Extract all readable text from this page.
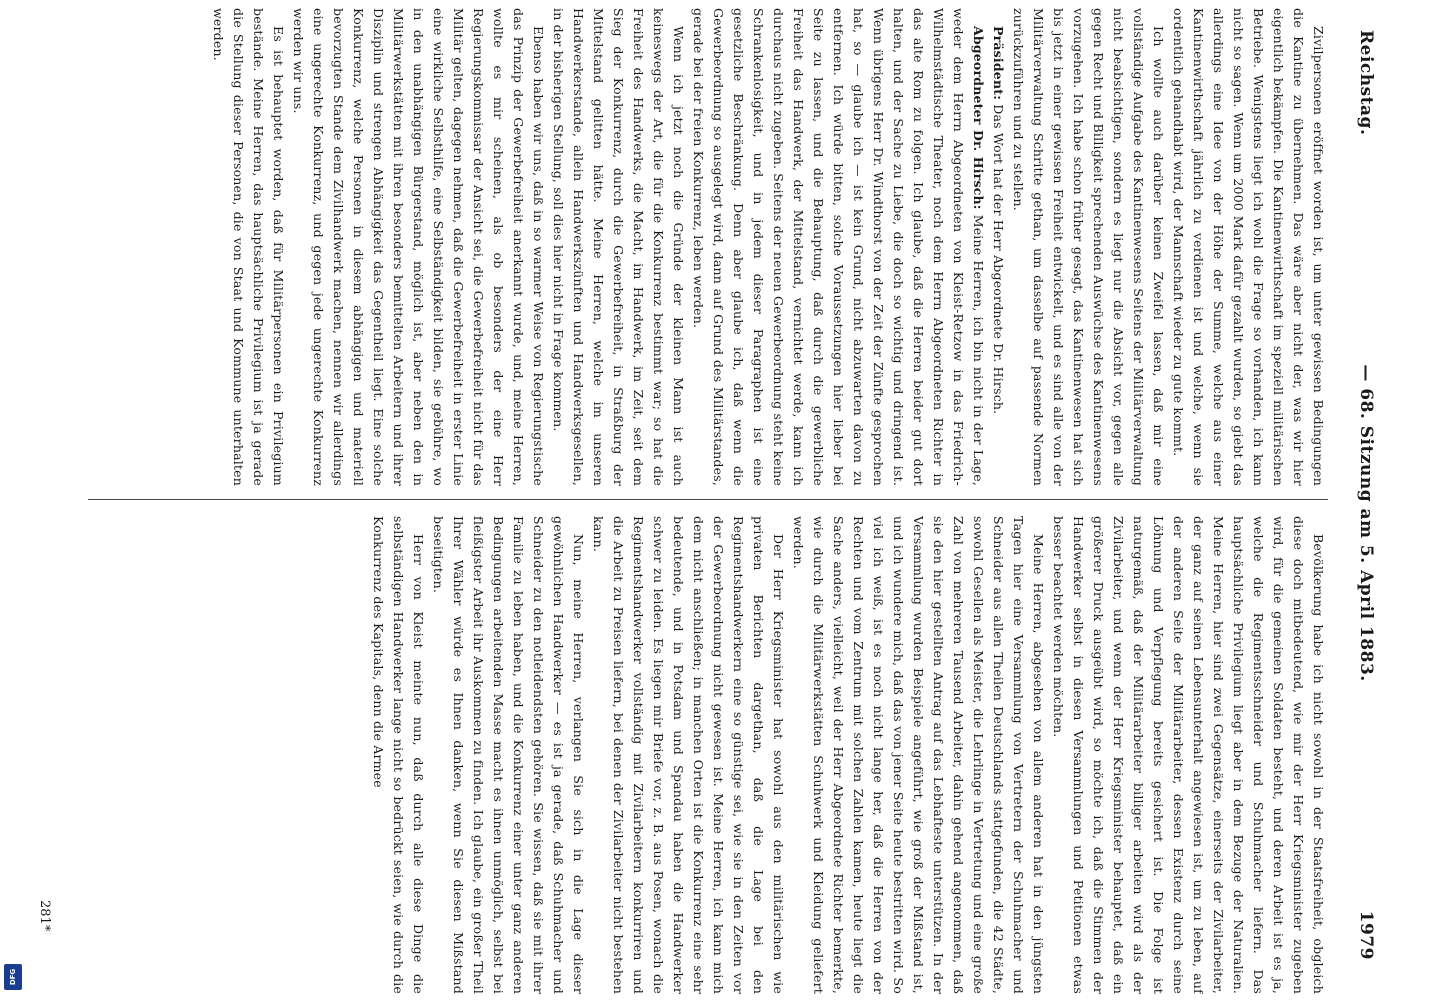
Reichstag.
— 68. Sitzung am 5. April 1883.
1979

Zivilpersonen eröffnet worden ist, um unter gewissen Bedingungen die Kantine zu übernehmen. Das wäre aber nicht der, was wir hier eigentlich bekämpfen. Die Kantinenwirthschaft im speziell militärischen Betriebe. Wenigstens liegt ich wohl die Frage so vorhanden, ich kann nicht so sagen. Wenn um 2000 Mark dafür gezahlt wurden, so giebt das allerdings eine Idee von der Höhe der Summe, welche aus einer Kantinenwirthschaft jährlich zu verdienen ist und welche, wenn sie ordentlich gehandhabt wird, der Mannschaft wieder zu gute kommt.

Ich wollte auch darüber keinen Zweifel lassen, daß mir eine vollständige Aufgabe des Kantinenwesens Seitens der Militärverwaltung nicht beabsichtigen, sondern es liegt nur die Absicht vor, gegen alle gegen Recht und Billigkeit sprechenden Auswüchse des Kantinenwesens vorzugehen. Ich habe schon früher gesagt, das Kantinenwesen hat sich bis jetzt in einer gewissen Freiheit entwickelt, und es sind alle von der Militärverwaltung Schritte gethan, um dasselbe auf passende Normen zurückzuführen und zu stellen.

Präsident: Das Wort hat der Herr Abgeordnete Dr. Hirsch.

Abgeordneter Dr. Hirsch: Meine Herren, ich bin nicht in der Lage, weder dem Herrn Abgeordneten von Kleist-Retzow in das Friedrich-Wilhelmstädtische Theater, noch dem Herrn Abgeordneten Richter in das alte Rom zu folgen. Ich glaube, daß die Herren beider gut dort halten, und der Sache zu Liebe, die doch so wichtig und dringend ist. Wenn übrigens Herr Dr. Windthorst von der Zeit der Zünfte gesprochen hat, so — glaube ich — ist kein Grund, nicht abzuwarten davon zu entfernen. Ich würde bitten, solche Voraussetzungen hier lieber bei Seite zu lassen, und die Behauptung, daß durch die gewerbliche Freiheit das Handwerk, der Mittelstand, vernichtet werde, kann ich durchaus nicht zugeben. Seitens der neuen Gewerbeordnung steht keine Schrankenlosigkeit, und in jedem dieser Paragraphen ist eine gesetzliche Beschränkung. Denn aber glaube ich, daß wenn die Gewerbeordnung so ausgelegt wird, dann auf Grund des Militärstandes, gerade bei der freien Konkurrenz, leben werden.

Wenn ich jetzt noch die Gründe der kleinen Mann ist auch keineswegs der Art, die für die Konkurrenz bestimmt war; so hat die Freiheit des Handwerks, die Macht, im Handwerk, im Zeit, seit dem Sieg der Konkurrenz, durch die Gewerbefreiheit, in Straßburg der Mittelstand gelitten hätte. Meine Herren, welche im unseren Handwerkerstande, allein Handwerkszünften und Handwerksgesellen, in der bisherigen Stellung, soll dies hier nicht in Frage kommen.

Ebenso haben wir uns, daß in so warmer Weise von Regierungstische das Prinzip der Gewerbefreiheit anerkannt wurde, und, meine Herren, wollte es mir scheinen, als ob besonders der eine Herr Regierungskommissar der Ansicht sei, die Gewerbefreiheit nicht für das Militär gelten, dagegen nehmen, daß die Gewerbefreiheit in erster Linie eine wirkliche Selbsthilfe, eine Selbständigkeit bilden, sie gebühre, wo in den unabhängigen Bürgerstand, möglich ist, aber neben den in Militärwerkstätten mit ihren besonders bemittelten Arbeitern und ihrer Disziplin und strengen Abhängigkeit das Gegentheil liegt. Eine solche Konkurrenz, welche Personen in diesem abhängigen und materiell bevorzugten Stande dem Zivilhandwerk machen, nennen wir allerdings eine ungerechte Konkurrenz, und gegen jede ungerechte Konkurrenz werden wir uns.

Es ist behauptet worden, daß für Militärpersonen ein Privilegium bestände. Meine Herren, das hauptsächliche Privilegium ist ja gerade die Stellung dieser Personen, die von Staat und Kommune unterhalten werden.

Bevölkerung habe ich nicht sowohl in der Staatsfreiheit, obgleich diese doch mitbedeutend, wie mir der Herr Kriegsminister zugeben wird, für die gemeinen Soldaten besteht, und deren Arbeit ist es ja, welche die Regimentsschneider und Schuhmacher liefern. Das hauptsächliche Privilegium liegt aber in dem Bezuge der Naturalien. Meine Herren, hier sind zwei Gegensätze, einerseits der Zivilarbeiter, der ganz auf seinen Lebensunterhalt angewiesen ist, um zu leben, auf der anderen Seite der Militärarbeiter, dessen Existenz durch seine Löhnung und Verpflegung bereits gesichert ist. Die Folge ist naturgemäß, daß der Militärarbeiter billiger arbeiten wird als der Zivilarbeiter, und wenn der Herr Kriegsminister behauptet, daß ein größerer Druck ausgeübt wird, so möchte ich, daß die Stimmen der Handwerker selbst in diesen Versammlungen und Petitionen etwas besser beachtet werden möchten.

Meine Herren, abgesehen von allem anderen hat in den jüngsten Tagen hier eine Versammlung von Vertretern der Schuhmacher und Schneider aus allen Theilen Deutschlands stattgefunden, die 42 Städte, sowohl Gesellen als Meister, die Lehrlinge in Vertretung und eine große Zahl von mehreren Tausend Arbeiter, dahin gehend angenommen, daß sie den hier gestellten Antrag auf das Lebhafteste unterstützen. In der Versammlung wurden Beispiele angeführt, wie groß der Mißstand ist, und ich wundere mich, daß das von jener Seite heute bestritten wird. So viel ich weiß, ist es noch nicht lange her, daß die Herren von der Rechten und vom Zentrum mit solchen Zahlen kamen, heute liegt die Sache anders, vielleicht, weil der Herr Abgeordnete Richter bemerkte, wie durch die Militärwerkstätten Schuhwerk und Kleidung geliefert werden.

Der Herr Kriegsminister hat sowohl aus den militärischen wie privaten Berichten dargethan, daß die Lage bei den Regimentshandwerkern eine so günstige sei, wie sie in den Zeiten vor der Gewerbeordnung nicht gewesen ist. Meine Herren, ich kann mich dem nicht anschließen; in manchen Orten ist die Konkurrenz eine sehr bedeutende, und in Potsdam und Spandau haben die Handwerker schwer zu leiden. Es liegen mir Briefe vor, z. B. aus Posen, wonach die Regimentshandwerker vollständig mit Zivilarbeitern konkurriren und die Arbeit zu Preisen liefern, bei denen der Zivilarbeiter nicht bestehen kann.

Nun, meine Herren, verlangen Sie sich in die Lage dieser gewöhnlichen Handwerker — es ist ja gerade, daß Schuhmacher und Schneider zu den notleidendsten gehören. Sie wissen, daß sie mit ihrer Familie zu leben haben, und die Konkurrenz einer unter ganz anderen Bedingungen arbeitenden Masse macht es ihnen unmöglich, selbst bei fleißigster Arbeit ihr Auskommen zu finden. Ich glaube, ein großer Theil Ihrer Wähler würde es Ihnen danken, wenn Sie diesen Mißstand beseitigten.

Herr von Kleist meinte nun, daß durch alle diese Dinge die selbständigen Handwerker lange nicht so bedrückt seien, wie durch die Konkurrenz des Kapitals, denn die Armee

281*
DFG
